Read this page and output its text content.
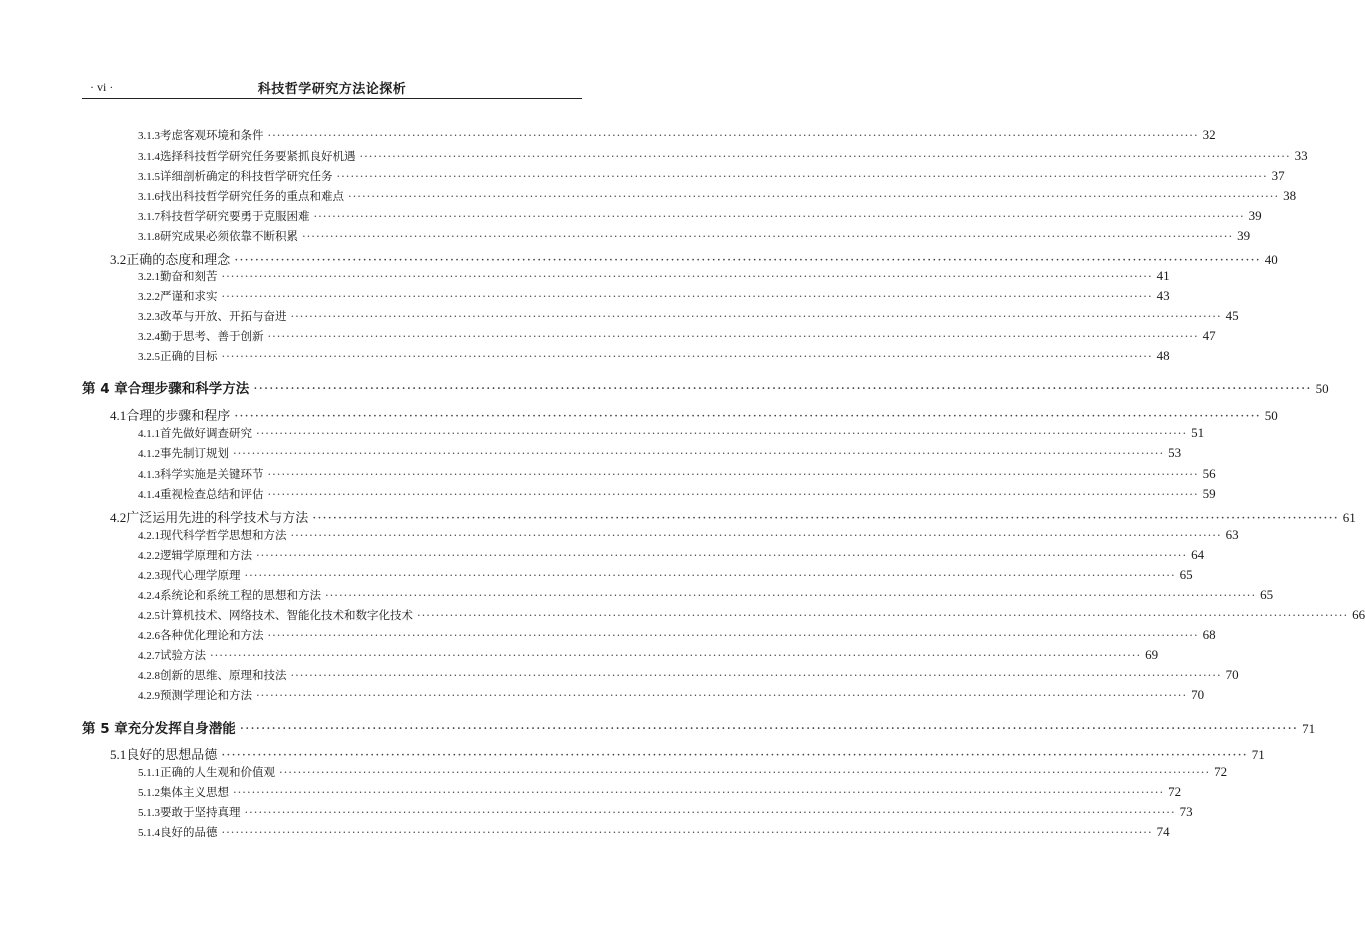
· vi ·	科技哲学研究方法论探析
3.1.3 考虑客观环境和条件 ········································································································································································································ 32
3.1.4 选择科技哲学研究任务要紧抓良好机遇 ········································································································································································································ 33
3.1.5 详细剖析确定的科技哲学研究任务 ········································································································································································································ 37
3.1.6 找出科技哲学研究任务的重点和难点 ········································································································································································································ 38
3.1.7 科技哲学研究要勇于克服困难 ········································································································································································································ 39
3.1.8 研究成果必须依靠不断积累 ········································································································································································································ 39
3.2 正确的态度和理念 ········································································································································································································ 40
3.2.1 勤奋和刻苦 ········································································································································································································ 41
3.2.2 严谨和求实 ········································································································································································································ 43
3.2.3 改革与开放、开拓与奋进 ········································································································································································································ 45
3.2.4 勤于思考、善于创新 ········································································································································································································ 47
3.2.5 正确的目标 ········································································································································································································ 48
第 4 章 合理步骤和科学方法 ········································································································································································································ 50
4.1 合理的步骤和程序 ········································································································································································································ 50
4.1.1 首先做好调查研究 ········································································································································································································ 51
4.1.2 事先制订规划 ········································································································································································································ 53
4.1.3 科学实施是关键环节 ········································································································································································································ 56
4.1.4 重视检查总结和评估 ········································································································································································································ 59
4.2 广泛运用先进的科学技术与方法 ········································································································································································································ 61
4.2.1 现代科学哲学思想和方法 ········································································································································································································ 63
4.2.2 逻辑学原理和方法 ········································································································································································································ 64
4.2.3 现代心理学原理 ········································································································································································································ 65
4.2.4 系统论和系统工程的思想和方法 ········································································································································································································ 65
4.2.5 计算机技术、网络技术、智能化技术和数字化技术 ········································································································································································································ 66
4.2.6 各种优化理论和方法 ········································································································································································································ 68
4.2.7 试验方法 ········································································································································································································ 69
4.2.8 创新的思维、原理和技法 ········································································································································································································ 70
4.2.9 预测学理论和方法 ········································································································································································································ 70
第 5 章 充分发挥自身潜能 ········································································································································································································ 71
5.1 良好的思想品德 ········································································································································································································ 71
5.1.1 正确的人生观和价值观 ········································································································································································································ 72
5.1.2 集体主义思想 ········································································································································································································ 72
5.1.3 要敢于坚持真理 ········································································································································································································ 73
5.1.4 良好的品德 ········································································································································································································ 74
